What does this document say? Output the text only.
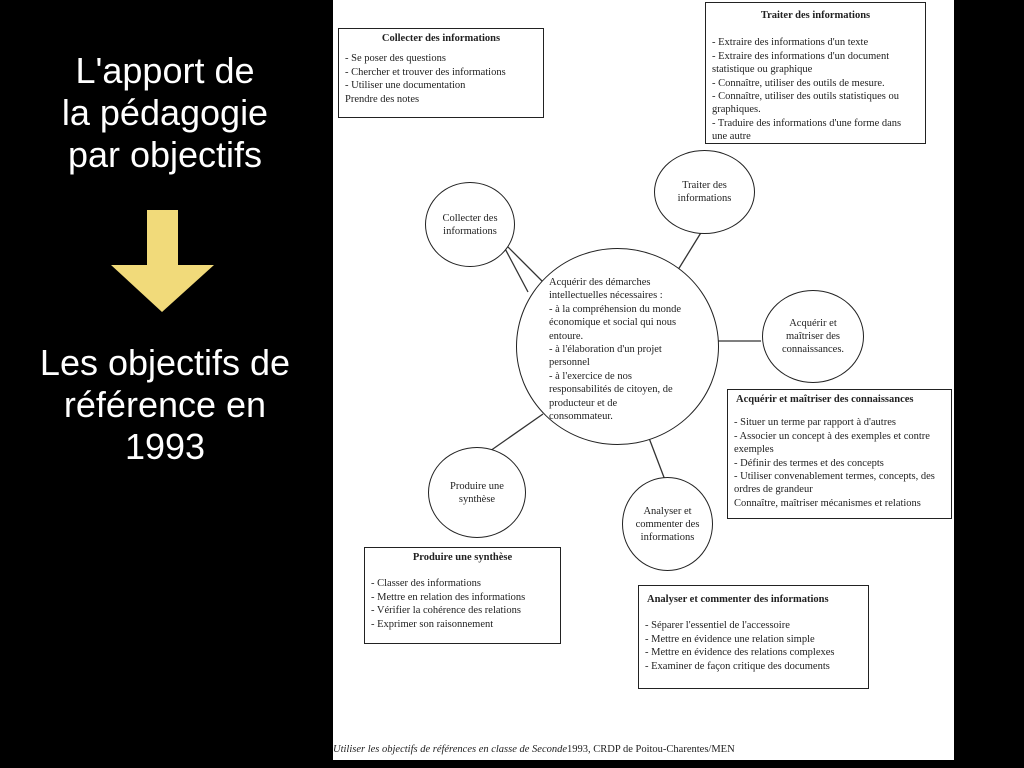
L'apport de
la pédagogie
par objectifs
Les objectifs de
référence en
1993
Collecter des informations
- Se poser des questions
- Chercher et trouver des informations
- Utiliser une documentation
Prendre des notes
Traiter des informations
- Extraire des informations d'un texte
- Extraire des informations d'un document
statistique ou graphique
- Connaître, utiliser des outils de mesure.
- Connaître, utiliser des outils statistiques ou
graphiques.
- Traduire des informations d'une forme dans
une autre
Acquérir et maîtriser des connaissances
- Situer un terme par rapport à d'autres
- Associer un concept à des exemples et contre
exemples
- Définir des termes et des concepts
- Utiliser convenablement termes, concepts, des
ordres de grandeur
Connaître, maîtriser mécanismes et relations
Produire une synthèse
- Classer des informations
- Mettre en relation des informations
- Vérifier la cohérence des relations
- Exprimer son raisonnement
Analyser et commenter des informations
- Séparer l'essentiel de l'accessoire
- Mettre en évidence une relation simple
- Mettre en évidence des relations complexes
- Examiner de façon critique des documents
Collecter des
informations
Traiter des
informations
Acquérir et
maîtriser des
connaissances.
Produire une
synthèse
Analyser et
commenter des
informations
Acquérir des démarches
intellectuelles nécessaires :
- à la compréhension du monde
économique et social qui nous
entoure.
- à l'élaboration d'un projet
personnel
- à l'exercice de nos
responsabilités de citoyen, de
producteur et de
consommateur.
Utiliser les objectifs de références en classe de Seconde1993, CRDP de Poitou-Charentes/MEN
